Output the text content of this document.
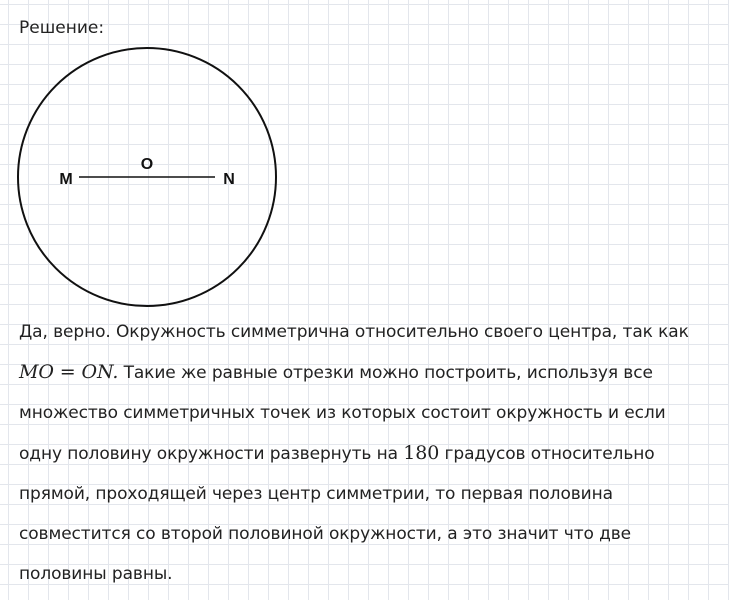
Решение:
M
O
N

Да, верно. Окружность симметрична относительно своего центра, так как
MO = ON. Такие же равные отрезки можно построить, используя все
множество симметричных точек из которых состоит окружность и если
одну половину окружности развернуть на 180 градусов относительно
прямой, проходящей через центр симметрии, то первая половина
совместится со второй половиной окружности, а это значит что две
половины равны.
